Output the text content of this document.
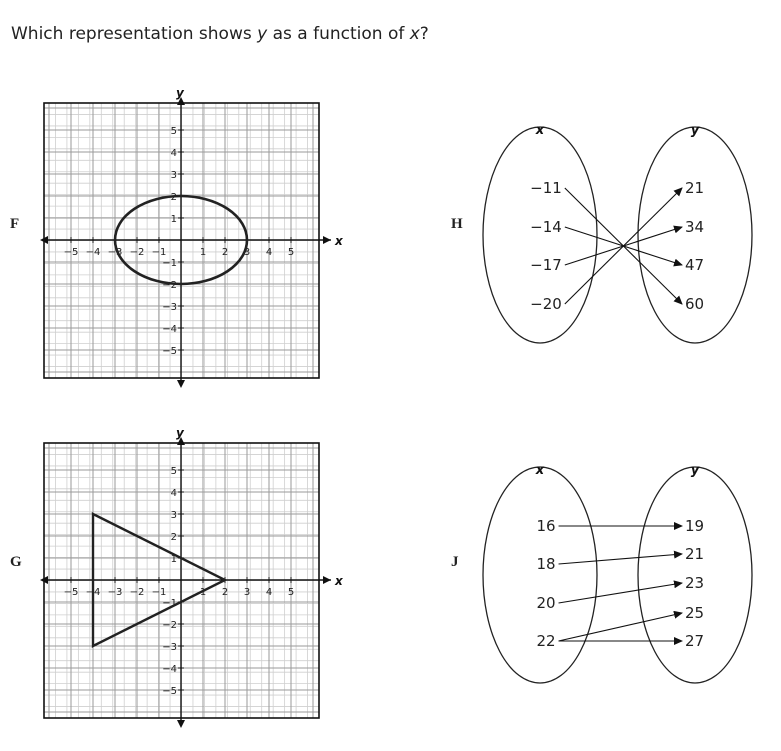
Which representation shows y as a function of x?
F
G
H
J
x
y
−5 −4 −3 −2 −1	1 2 3 4 5
5
4
3
2
1
−1
−2
−3
−4
−5
x
y
−5 −4 −3 −2 −1	1 2 3 4 5
5
4
3
2
1
−1
−2
−3
−4
−5
x	y
−11
−14
−17
−20
21
34
47
60
x	y
16
18
20
22
19
21
23
25
27
